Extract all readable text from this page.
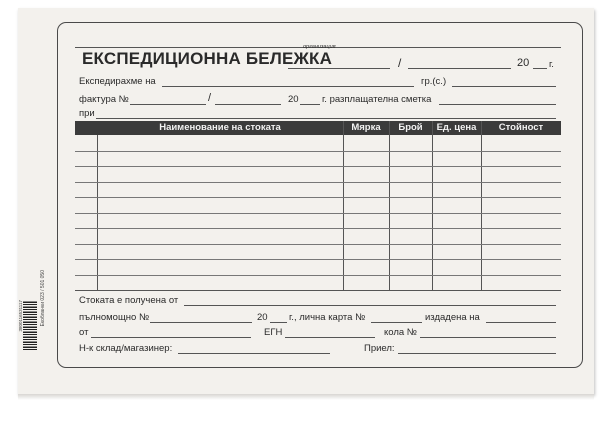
ЕКСПЕДИЦИОННА БЕЛЕЖКА
организация
/	20 г.
Експедирахме на	гр.(с.)
фактура №	/	20 г. разплащателна сметка
при
Наименование на стоката	Мярка	Брой	Ед. цена	Стойност
Стоката е получена от
пълномощно №	20 г., лична карта №	издадена на
от	ЕГН	кола №
Н-к склад/магазинер:	Приел:
Екобланки 023 / 501 050
3800116531117
